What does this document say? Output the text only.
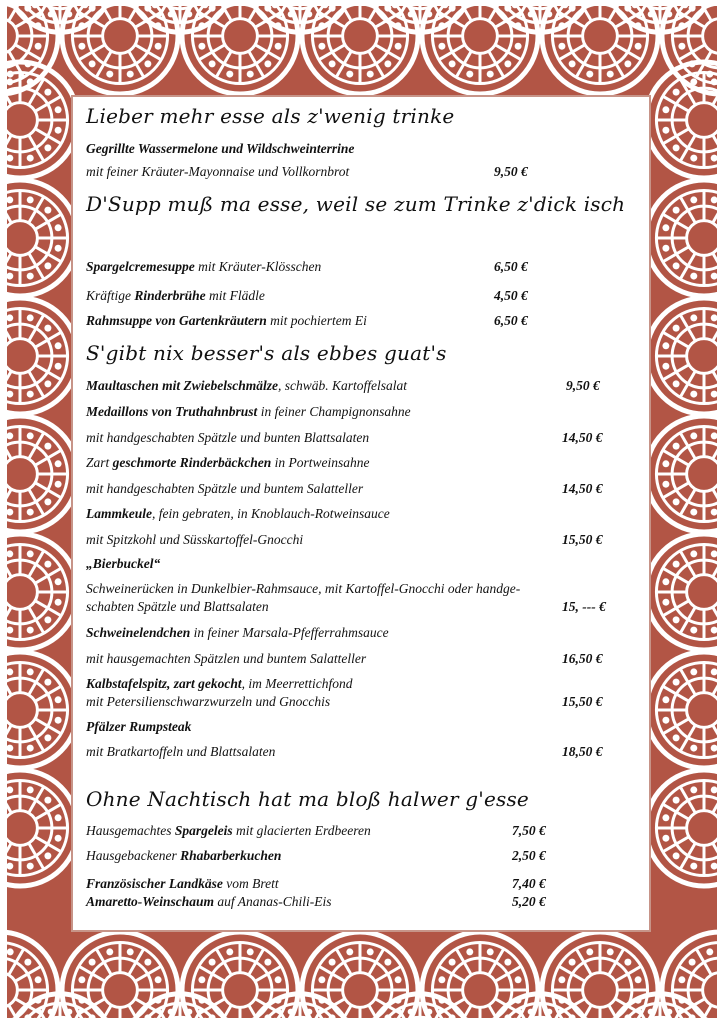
Lieber mehr esse als z'wenig trinke
Gegrillte Wassermelone und Wildschweinterrine
mit feiner Kräuter-Mayonnaise und Vollkornbrot	9,50 €
D'Supp muß ma esse, weil se zum Trinke z'dick isch
Spargelcremesuppe mit Kräuter-Klösschen	6,50 €
Kräftige Rinderbrühe mit Flädle	4,50 €
Rahmsuppe von Gartenkräutern mit pochiertem Ei	6,50 €
S'gibt nix besser's als ebbes guat's
Maultaschen mit Zwiebelschmälze, schwäb. Kartoffelsalat	9,50 €
Medaillons von Truthahnbrust in feiner Champignonsahne
mit handgeschabten Spätzle und bunten Blattsalaten	14,50 €
Zart geschmorte Rinderbäckchen in Portweinsahne
mit handgeschabten Spätzle und buntem Salatteller	14,50 €
Lammkeule, fein gebraten, in Knoblauch-Rotweinsauce
mit Spitzkohl und Süsskartoffel-Gnocchi	15,50 €
„Bierbuckel“
Schweinerücken in Dunkelbier-Rahmsauce, mit Kartoffel-Gnocchi oder handge-
schabten Spätzle und Blattsalaten	15, --- €
Schweinelendchen in feiner Marsala-Pfefferrahmsauce
mit hausgemachten Spätzlen und buntem Salatteller	16,50 €
Kalbstafelspitz, zart gekocht, im Meerrettichfond
mit Petersilienschwarzwurzeln und Gnocchis	15,50 €
Pfälzer Rumpsteak
mit Bratkartoffeln und Blattsalaten	18,50 €
Ohne Nachtisch hat ma bloß halwer g'esse
Hausgemachtes Spargeleis mit glacierten Erdbeeren	7,50 €
Hausgebackener Rhabarberkuchen	2,50 €
Französischer Landkäse vom Brett	7,40 €
Amaretto-Weinschaum auf Ananas-Chili-Eis	5,20 €
